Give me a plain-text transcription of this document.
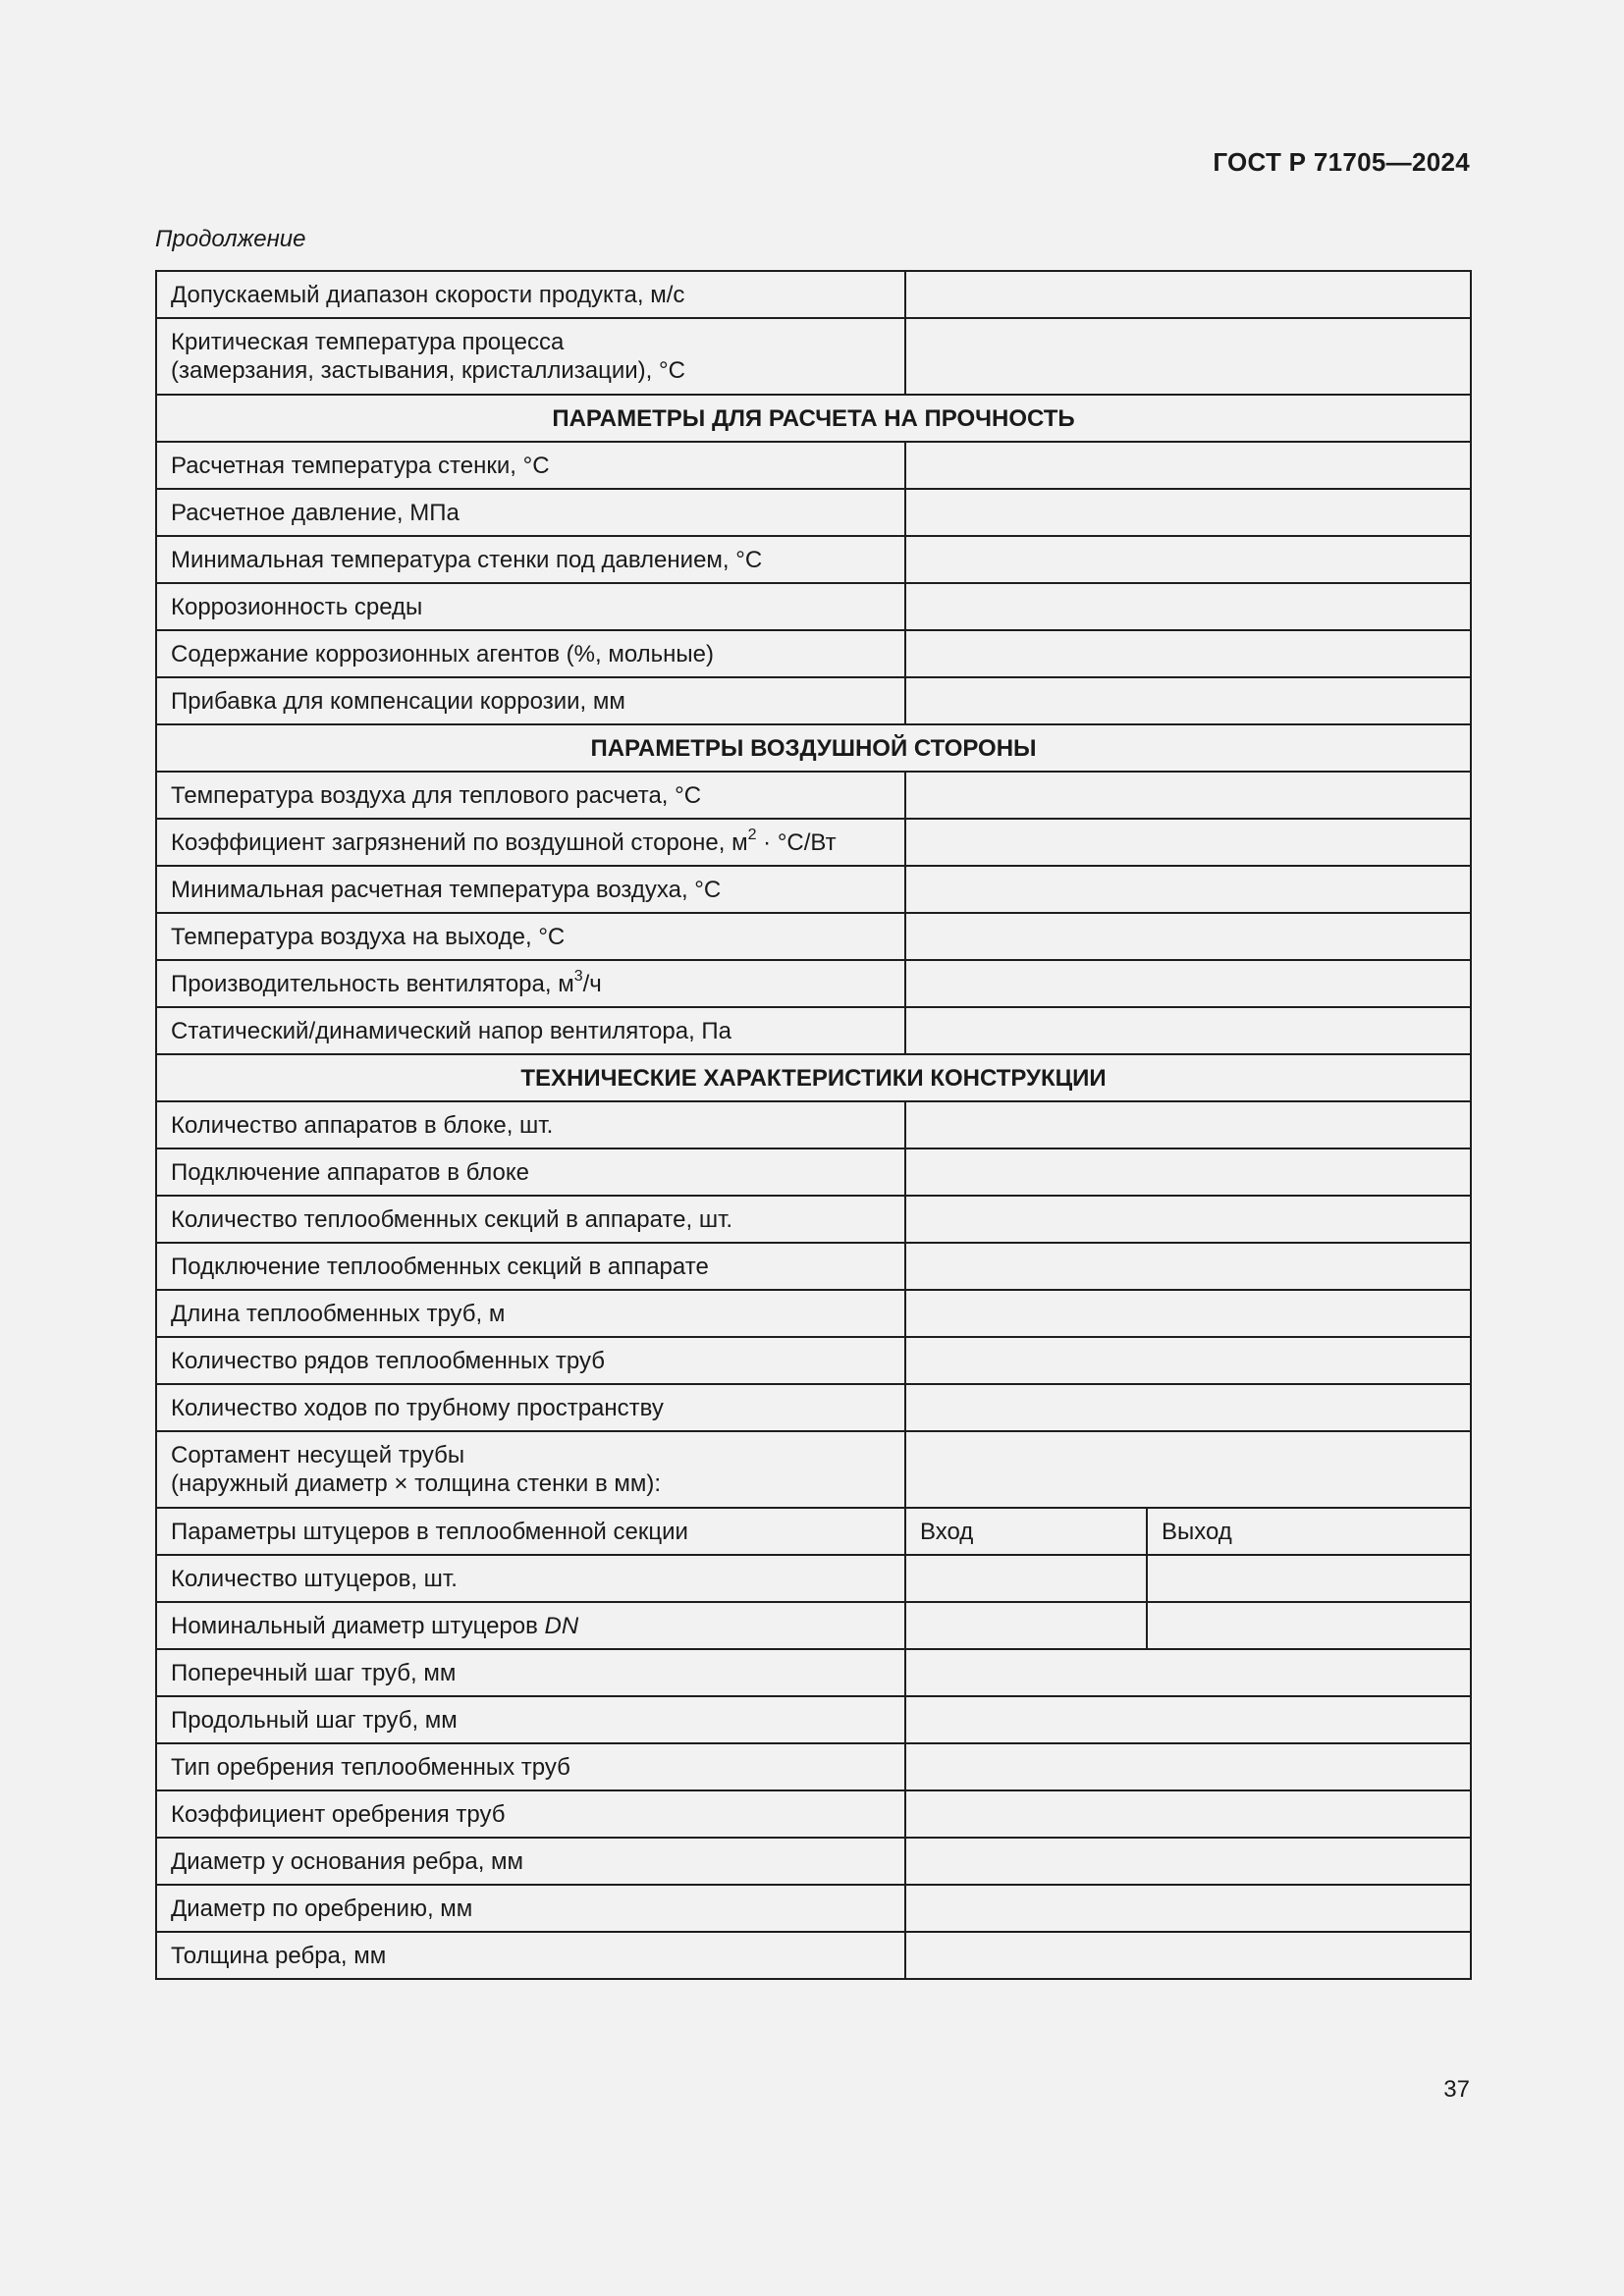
ГОСТ Р 71705—2024
Продолжение
Допускаемый диапазон скорости продукта, м/с		
Критическая температура процесса
(замерзания, застывания, кристаллизации), °С		
ПАРАМЕТРЫ ДЛЯ РАСЧЕТА НА ПРОЧНОСТЬ		
Расчетная температура стенки, °С		
Расчетное давление, МПа		
Минимальная температура стенки под давлением, °С		
Коррозионность среды		
Содержание коррозионных агентов (%, мольные)		
Прибавка для компенсации коррозии, мм		
ПАРАМЕТРЫ ВОЗДУШНОЙ СТОРОНЫ		
Температура воздуха для теплового расчета, °С		
Коэффициент загрязнений по воздушной стороне, $м^2 \cdot ^\circ С/Вт$		
Минимальная расчетная температура воздуха, °С		
Температура воздуха на выходе, °С		
Производительность вентилятора, $м^3/ч$		
Статический/динамический напор вентилятора, Па		
ТЕХНИЧЕСКИЕ ХАРАКТЕРИСТИКИ КОНСТРУКЦИИ		
Количество аппаратов в блоке, шт.		
Подключение аппаратов в блоке		
Количество теплообменных секций в аппарате, шт.		
Подключение теплообменных секций в аппарате		
Длина теплообменных труб, м		
Количество рядов теплообменных труб		
Количество ходов по трубному пространству		
Сортамент несущей трубы
(наружный диаметр × толщина стенки в мм):		
Параметры штуцеров в теплообменной секции	Вход	Выход
Количество штуцеров, шт.		
Номинальный диаметр штуцеров DN		
Поперечный шаг труб, мм		
Продольный шаг труб, мм		
Тип оребрения теплообменных труб		
Коэффициент оребрения труб		
Диаметр у основания ребра, мм		
Диаметр по оребрению, мм		
Толщина ребра, мм		
37
